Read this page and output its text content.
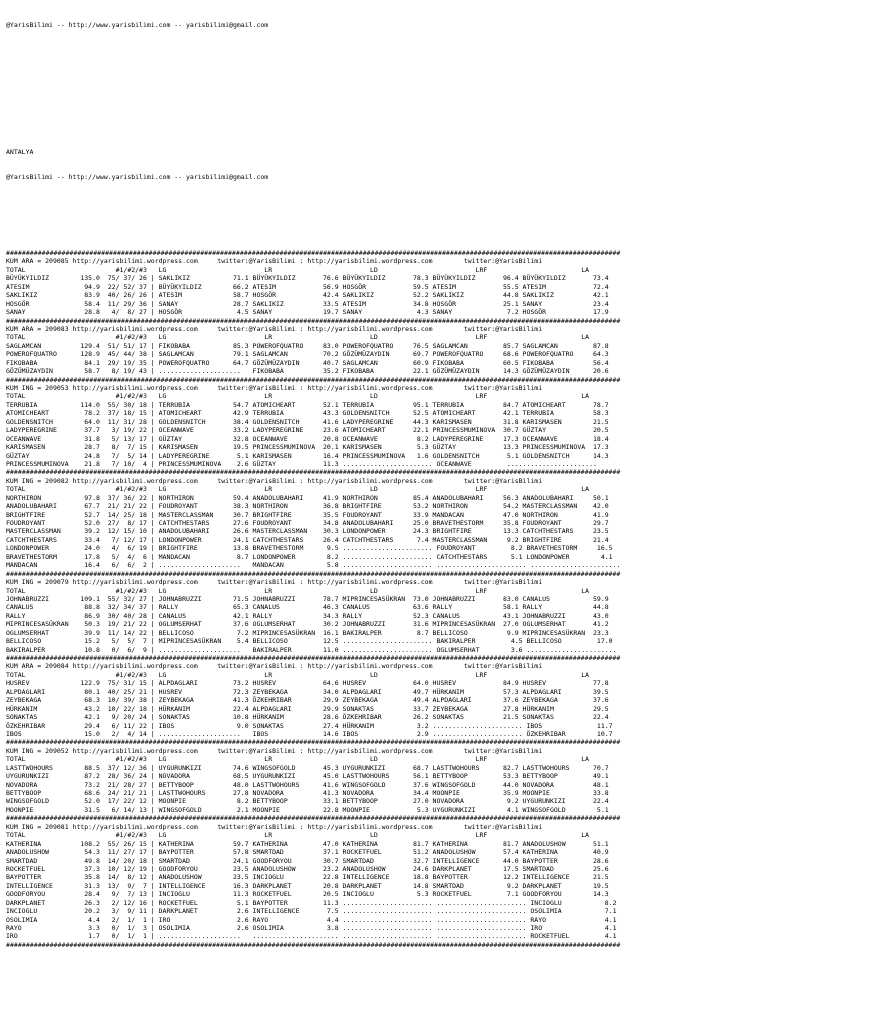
@YarisBilimi -- http://www.yarisbilimi.com -- yarisbilimi@gmail.com

ANTALYA

@YarisBilimi -- http://www.yarisbilimi.com -- yarisbilimi@gmail.com

###########################################################################################################################################################
KUM ARA = 209085 http://yarisbilimi.wordpress.com     twitter:@YarisBilimi : http://yarisbilimi.wordpress.com        twitter:@YarisBilimi
TOTAL                       #1/#2/#3   LG                         LR                         LD                         LRF                        LA
BÜYÜKYILDIZ        135.0  75/ 37/ 26 | SAKLIKIZ           71.1 BÜYÜKYILDIZ       76.6 BÜYÜKYILDIZ       78.3 BÜYÜKYILDIZ       96.4 BÜYÜKYILDIZ       73.4
ATESIM              94.9  22/ 52/ 37 | BÜYÜKYILDIZ        66.2 ATESIM            56.9 HOSGÖR            59.5 ATESIM            55.5 ATESIM            72.4
SAKLIKIZ            83.9  40/ 26/ 26 | ATESIM             58.7 HOSGÖR            42.4 SAKLIKIZ          52.2 SAKLIKIZ          44.8 SAKLIKIZ          42.1
HOSGÖR              58.4  11/ 29/ 36 | SANAY              28.7 SAKLIKIZ          33.5 ATESIM            34.8 HOSGÖR            25.1 SANAY             23.4
SANAY               28.8   4/  8/ 27 | HOSGÖR              4.5 SANAY             19.7 SANAY              4.3 SANAY              7.2 HOSGÖR            17.9
###########################################################################################################################################################
KUM ARA = 209083 http://yarisbilimi.wordpress.com     twitter:@YarisBilimi : http://yarisbilimi.wordpress.com        twitter:@YarisBilimi
TOTAL                       #1/#2/#3   LG                         LR                         LD                         LRF                        LA
SAGLAMCAN          129.4  51/ 51/ 17 | FIKOBABA           85.3 POWEROFQUATRO     83.0 POWEROFQUATRO     76.5 SAGLAMCAN         85.7 SAGLAMCAN         87.8
POWEROFQUATRO      128.9  45/ 44/ 38 | SAGLAMCAN          79.1 SAGLAMCAN         70.2 GÖZÜMÜZAYDIN      69.7 POWEROFQUATRO     68.6 POWEROFQUATRO     64.3
FIKOBABA            84.1  29/ 19/ 35 | POWEROFQUATRO      64.7 GÖZÜMÜZAYDIN      40.7 SAGLAMCAN         60.9 FIKOBABA          60.5 FIKOBABA          56.4
GÖZÜMÜZAYDIN        58.7   8/ 19/ 43 | .....................   FIKOBABA          35.2 FIKOBABA          22.1 GÖZÜMÜZAYDIN      14.3 GÖZÜMÜZAYDIN      20.6
###########################################################################################################################################################
KUM ING = 209053 http://yarisbilimi.wordpress.com     twitter:@YarisBilimi : http://yarisbilimi.wordpress.com        twitter:@YarisBilimi
TOTAL                       #1/#2/#3   LG                         LR                         LD                         LRF                        LA
TERRUBIA           114.0  55/ 30/ 18 | TERRUBIA           54.7 ATOMICHEART       52.1 TERRUBIA          95.1 TERRUBIA          84.7 ATOMICHEART       78.7
ATOMICHEART         78.2  37/ 18/ 15 | ATOMICHEART        42.9 TERRUBIA          43.3 GOLDENSNITCH      52.5 ATOMICHEART       42.1 TERRUBIA          58.3
GOLDENSNITCH        64.0  11/ 31/ 28 | GOLDENSNITCH       38.4 GOLDENSNITCH      41.6 LADYPEREGRINE     44.3 KARISMASEN        31.8 KARISMASEN        21.5
LADYPEREGRINE       37.7   3/ 19/ 22 | OCEANWAVE          33.2 LADYPEREGRINE     23.6 ATOMICHEART       22.1 PRINCESSMUMINOVA  30.7 GÜZTAY            20.5
OCEANWAVE           31.8   5/ 13/ 17 | GÜZTAY             32.8 OCEANWAVE         20.8 OCEANWAVE          8.2 LADYPEREGRINE     17.3 OCEANWAVE         18.4
KARISMASEN          28.7   8/  7/ 15 | KARISMASEN         19.5 PRINCESSMUMINOVA  20.1 KARISMASEN         5.3 GÜZTAY            13.3 PRINCESSMUMINOVA  17.3
GÜZTAY              24.8   7/  5/ 14 | LADYPEREGRINE       5.1 KARISMASEN        16.4 PRINCESSMUMINOVA   1.6 GOLDENSNITCH       5.1 GOLDENSNITCH      14.3
PRINCESSMUMINOVA    21.8   7/ 10/  4 | PRINCESSMUMINOVA    2.6 GÜZTAY            11.3 ....................... OCEANWAVE         .......................
###########################################################################################################################################################
KUM ING = 209082 http://yarisbilimi.wordpress.com     twitter:@YarisBilimi : http://yarisbilimi.wordpress.com        twitter:@YarisBilimi
TOTAL                       #1/#2/#3   LG                         LR                         LD                         LRF                        LA
NORTHIRON           97.8  37/ 36/ 22 | NORTHIRON          59.4 ANADOLUBAHARI     41.9 NORTHIRON         85.4 ANADOLUBAHARI     56.3 ANADOLUBAHARI     50.1
ANADOLUBAHARI       67.7  21/ 21/ 22 | FOUDROYANT         38.3 NORTHIRON         36.8 BRIGHTFIRE        53.2 NORTHIRON         54.2 MASTERCLASSMAN    42.0
BRIGHTFIRE          52.7  14/ 25/ 18 | MASTERCLASSMAN     30.7 BRIGHTFIRE        35.5 FOUDROYANT        33.9 MANDACAN          47.0 NORTHIRON         41.9
FOUDROYANT          52.0  27/  8/ 17 | CATCHTHESTARS      27.6 FOUDROYANT        34.8 ANADOLUBAHARI     25.0 BRAVETHESTORM     35.8 FOUDROYANT        29.7
MASTERCLASSMAN      39.2  12/ 15/ 10 | ANADOLUBAHARI      26.6 MASTERCLASSMAN    30.3 LONDONPOWER       24.3 BRIGHTFIRE        13.3 CATCHTHESTARS     23.5
CATCHTHESTARS       33.4   7/ 12/ 17 | LONDONPOWER        24.1 CATCHTHESTARS     26.4 CATCHTHESTARS      7.4 MASTERCLASSMAN     9.2 BRIGHTFIRE        21.4
LONDONPOWER         24.0   4/  6/ 19 | BRIGHTFIRE         13.8 BRAVETHESTORM      9.5 ....................... FOUDROYANT         8.2 BRAVETHESTORM     16.5
BRAVETHESTORM       17.8   5/  4/  6 | MANDACAN            8.7 LONDONPOWER        8.2 ....................... CATCHTHESTARS      5.1 LONDONPOWER        4.1
MANDACAN            16.4   6/  6/  2 | .....................   MANDACAN           5.8 ....................... ....................... .......................
###########################################################################################################################################################
KUM ING = 209079 http://yarisbilimi.wordpress.com     twitter:@YarisBilimi : http://yarisbilimi.wordpress.com        twitter:@YarisBilimi
TOTAL                       #1/#2/#3   LG                         LR                         LD                         LRF                        LA
JOHNABRUZZI        109.1  55/ 32/ 27 | JOHNABRUZZI        71.5 JOHNABRUZZI       78.7 MIPRINCESASÜKRAN  73.0 JOHNABRUZZI       83.0 CANALUS           59.9
CANALUS             88.8  32/ 34/ 37 | RALLY              65.3 CANALUS           46.3 CANALUS           63.6 RALLY             58.1 RALLY             44.8
RALLY               86.9  30/ 40/ 28 | CANALUS            42.1 RALLY             34.3 RALLY             52.3 CANALUS           43.1 JOHNABRUZZI       43.0
MIPRINCESASÜKRAN    50.3  19/ 21/ 22 | OGLUMSERHAT        37.6 OGLUMSERHAT       30.2 JOHNABRUZZI       31.6 MIPRINCESASÜKRAN  27.0 OGLUMSERHAT       41.2
OGLUMSERHAT         39.9  11/ 14/ 22 | BELLICOSO           7.2 MIPRINCESASÜKRAN  16.1 BAKIRALPER         8.7 BELLICOSO          9.9 MIPRINCESASÜKRAN  23.3
BELLICOSO           15.2   5/  5/  7 | MIPRINCESASÜKRAN    5.4 BELLICOSO         12.5 ....................... BAKIRALPER         4.5 BELLICOSO         17.0
BAKIRALPER          10.8   0/  6/  9 | .....................   BAKIRALPER        11.0 ....................... OGLUMSERHAT        3.6 .......................
###########################################################################################################################################################
KUM ARA = 209084 http://yarisbilimi.wordpress.com     twitter:@YarisBilimi : http://yarisbilimi.wordpress.com        twitter:@YarisBilimi
TOTAL                       #1/#2/#3   LG                         LR                         LD                         LRF                        LA
HUSREV             122.9  75/ 31/ 15 | ALPDAGLARI         73.2 HUSREV            64.6 HUSREV            64.0 HUSREV            84.9 HUSREV            77.8
ALPDAGLARI          80.1  40/ 25/ 21 | HUSREV             72.3 ZEYBEKAGA         34.0 ALPDAGLARI        49.7 HÜRKANIM          57.3 ALPDAGLARI        39.5
ZEYBEKAGA           68.3  10/ 39/ 38 | ZEYBEKAGA          41.3 ÖZKEHRIBAR        29.9 ZEYBEKAGA         49.4 ALPDAGLARI        37.6 ZEYBEKAGA         37.6
HÜRKANIM            43.2  10/ 22/ 18 | HÜRKANIM           22.4 ALPDAGLARI        29.9 SONAKTAS          33.7 ZEYBEKAGA         27.8 HÜRKANIM          29.5
SONAKTAS            42.1   9/ 20/ 24 | SONAKTAS           10.8 HÜRKANIM          28.6 ÖZKEHRIBAR        26.2 SONAKTAS          21.5 SONAKTAS          22.4
ÖZKEHRIBAR          29.4   6/ 11/ 22 | IBOS                9.0 SONAKTAS          27.4 HÜRKANIM           3.2 ....................... IBOS              11.7
IBOS                15.0   2/  4/ 14 | .....................   IBOS              14.6 IBOS               2.9 ....................... ÖZKEHRIBAR        10.7
###########################################################################################################################################################
KUM ING = 209052 http://yarisbilimi.wordpress.com     twitter:@YarisBilimi : http://yarisbilimi.wordpress.com        twitter:@YarisBilimi
TOTAL                       #1/#2/#3   LG                         LR                         LD                         LRF                        LA
LASTTWOHOURS        88.5  37/ 12/ 36 | UYGURUNKIZI        74.6 WINGSOFGOLD       45.3 UYGURUNKIZI       68.7 LASTTWOHOURS      82.7 LASTTWOHOURS      70.7
UYGURUNKIZI         87.2  28/ 36/ 24 | NOVADORA           68.5 UYGURUNKIZI       45.0 LASTTWOHOURS      56.1 BETTYBOOP         53.3 BETTYBOOP         49.1
NOVADORA            73.2  21/ 28/ 27 | BETTYBOOP          48.0 LASTTWOHOURS      41.6 WINGSOFGOLD       37.6 WINGSOFGOLD       44.0 NOVADORA          48.1
BETTYBOOP           68.6  24/ 21/ 21 | LASTTWOHOURS       27.8 NOVADORA          41.3 NOVADORA          34.4 MOONPIE           35.9 MOONPIE           33.8
WINGSOFGOLD         52.0  17/ 22/ 12 | MOONPIE             8.2 BETTYBOOP         33.1 BETTYBOOP         27.0 NOVADORA           9.2 UYGURUNKIZI       22.4
MOONPIE             31.5   6/ 14/ 13 | WINGSOFGOLD         2.1 MOONPIE           22.8 MOONPIE            5.3 UYGURUNKIZI        4.1 WINGSOFGOLD        5.1
###########################################################################################################################################################
KUM ING = 209081 http://yarisbilimi.wordpress.com     twitter:@YarisBilimi : http://yarisbilimi.wordpress.com        twitter:@YarisBilimi
TOTAL                       #1/#2/#3   LG                         LR                         LD                         LRF                        LA
KATHERINA          108.2  55/ 26/ 15 | KATHERINA          59.7 KATHERINA         47.0 KATHERINA         81.7 KATHERINA         81.7 ANADOLUSHOW       51.1
ANADOLUSHOW         54.3  11/ 27/ 17 | BAYPOTTER          57.8 SMARTDAD          37.1 ROCKETFUEL        51.2 ANADOLUSHOW       57.4 KATHERINA         40.9
SMARTDAD            49.8  14/ 20/ 18 | SMARTDAD           24.1 GOODFORYOU        30.7 SMARTDAD          32.7 INTELLIGENCE      44.0 BAYPOTTER         28.6
ROCKETFUEL          37.3  10/ 12/ 19 | GOODFORYOU         23.5 ANADOLUSHOW       23.2 ANADOLUSHOW       24.6 DARKPLANET        17.5 SMARTDAD          25.6
BAYPOTTER           35.8  14/  8/ 12 | ANADOLUSHOW        23.5 INCIOGLU          22.8 INTELLIGENCE      18.8 BAYPOTTER         12.2 INTELLIGENCE      21.5
INTELLIGENCE        31.3  13/  9/  7 | INTELLIGENCE       16.3 DARKPLANET        20.8 DARKPLANET        14.8 SMARTDAD           9.2 DARKPLANET        19.5
GOODFORYOU          28.4   9/  7/ 13 | INCIOGLU           11.3 ROCKETFUEL        20.5 INCIOGLU           5.3 ROCKETFUEL         7.1 GOODFORYOU        14.3
DARKPLANET          26.3   2/ 12/ 16 | ROCKETFUEL          5.1 BAYPOTTER         11.3 ....................... ....................... INCIOGLU           8.2
INCIOGLU            20.2   3/  9/ 11 | DARKPLANET          2.6 INTELLIGENCE       7.5 ....................... ....................... OSOLIMIA           7.1
OSOLIMIA             4.4   2/  1/  1 | IRO                 2.6 RAYO               4.4 ....................... ....................... RAYO               4.1
RAYO                 3.3   0/  1/  3 | OSOLIMIA            2.6 OSOLIMIA           3.8 ....................... ....................... IRO                4.1
IRO                  1.7   0/  1/  1 | .....................   ...................... ....................... ....................... ROCKETFUEL         4.1
###########################################################################################################################################################
